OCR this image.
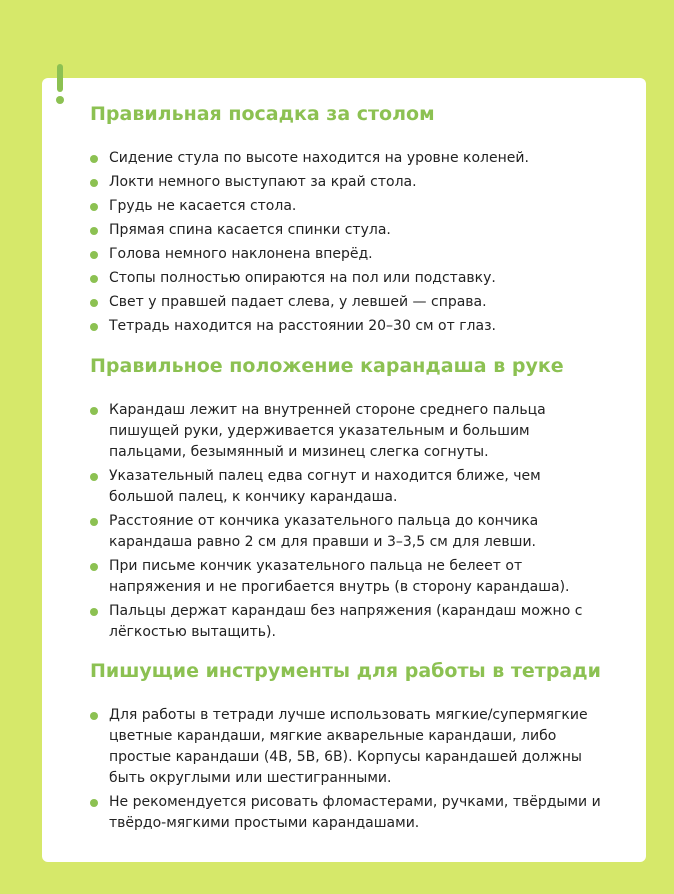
Правильная посадка за столом
Сидение стула по высоте находится на уровне коленей.
Локти немного выступают за край стола.
Грудь не касается стола.
Прямая спина касается спинки стула.
Голова немного наклонена вперёд.
Стопы полностью опираются на пол или подставку.
Свет у правшей падает слева, у левшей — справа.
Тетрадь находится на расстоянии 20–30 см от глаз.
Правильное положение карандаша в руке
Карандаш лежит на внутренней стороне среднего пальца пишущей руки, удерживается указательным и большим пальцами, безымянный и мизинец слегка согнуты.
Указательный палец едва согнут и находится ближе, чем большой палец, к кончику карандаша.
Расстояние от кончика указательного пальца до кончика карандаша равно 2 см для правши и 3–3,5 см для левши.
При письме кончик указательного пальца не белеет от напряжения и не прогибается внутрь (в сторону карандаша).
Пальцы держат карандаш без напряжения (карандаш можно с лёгкостью вытащить).
Пишущие инструменты для работы в тетради
Для работы в тетради лучше использовать мягкие/супермягкие цветные карандаши, мягкие акварельные карандаши, либо простые карандаши (4B, 5B, 6B). Корпусы карандашей должны быть округлыми или шестигранными.
Не рекомендуется рисовать фломастерами, ручками, твёрдыми и твёрдо-мягкими простыми карандашами.
